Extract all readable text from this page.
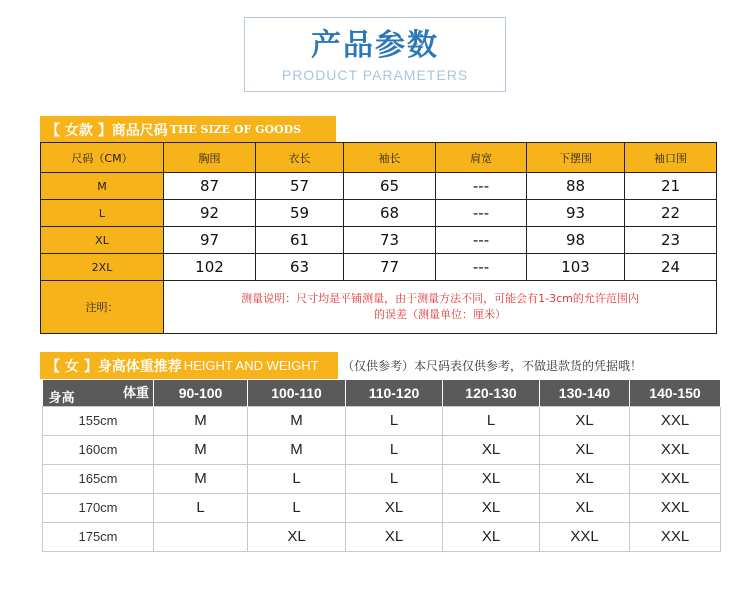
产品参数
PRODUCT PARAMETERS
【 女款 】商品尺码 THE SIZE OF GOODS
尺码（CM）	胸围	衣长	袖长	肩宽	下摆围	袖口围
M	87	57	65	---	88	21
L	92	59	68	---	93	22
XL	97	61	73	---	98	23
2XL	102	63	77	---	103	24
注明：	测量说明：尺寸均是平铺测量，由于测量方法不同，可能会有1-3cm的允许范围内
的误差（测量单位：厘米）					
【 女 】身高体重推荐 HEIGHT AND WEIGHT （仅供参考）本尺码表仅供参考，不做退款货的凭据哦！
体重
身高	90-100	100-110	110-120	120-130	130-140	140-150
155cm	M	M	L	L	XL	XXL
160cm	M	M	L	XL	XL	XXL
165cm	M	L	L	XL	XL	XXL
170cm	L	L	XL	XL	XL	XXL
175cm		XL	XL	XL	XXL	XXL
